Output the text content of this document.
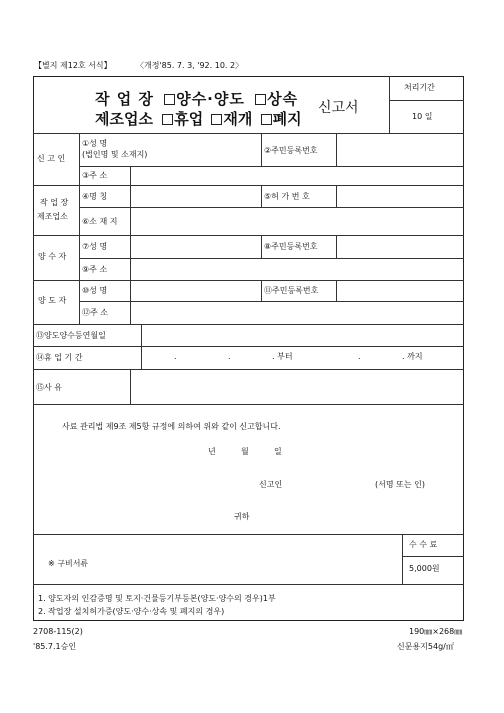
【별지 제12호 서식】	〈개정'85. 7. 3, '92. 10. 2〉
작 업 장 양수·양도 상속
제조업소 휴업 재개 폐지
신고서
처리기간
10 일
신 고 인
①성 명
(법인명 및 소재지)	②주민등록번호
③주 소
작 업 장
제조업소
④명 칭	⑤허 가 번 호
⑥소 재 지
양 수 자
⑦성 명	⑧주민등록번호
⑨주 소
양 도 자
⑩성 명	⑪주민등록번호
⑫주 소
⑬양도양수등연월일
⑭휴 업 기 간	.	.	. 부터	.	. 까지
⑮사 유
사료 관리법 제9조 제5항 규정에 의하여 위와 같이 신고합니다.
년	월	일
신고인	(서명 또는 인)
귀하
※ 구비서류
수 수 료
5,000원
1. 양도자의 인감증명 및 토지·건물등기부등본(양도·양수의 경우)1부
2. 작업장 설치허가증(양도·양수·상속 및 폐지의 경우)
2708-115(2)
'85.7.1승인
190㎜×268㎜
신문용지54g/㎡
